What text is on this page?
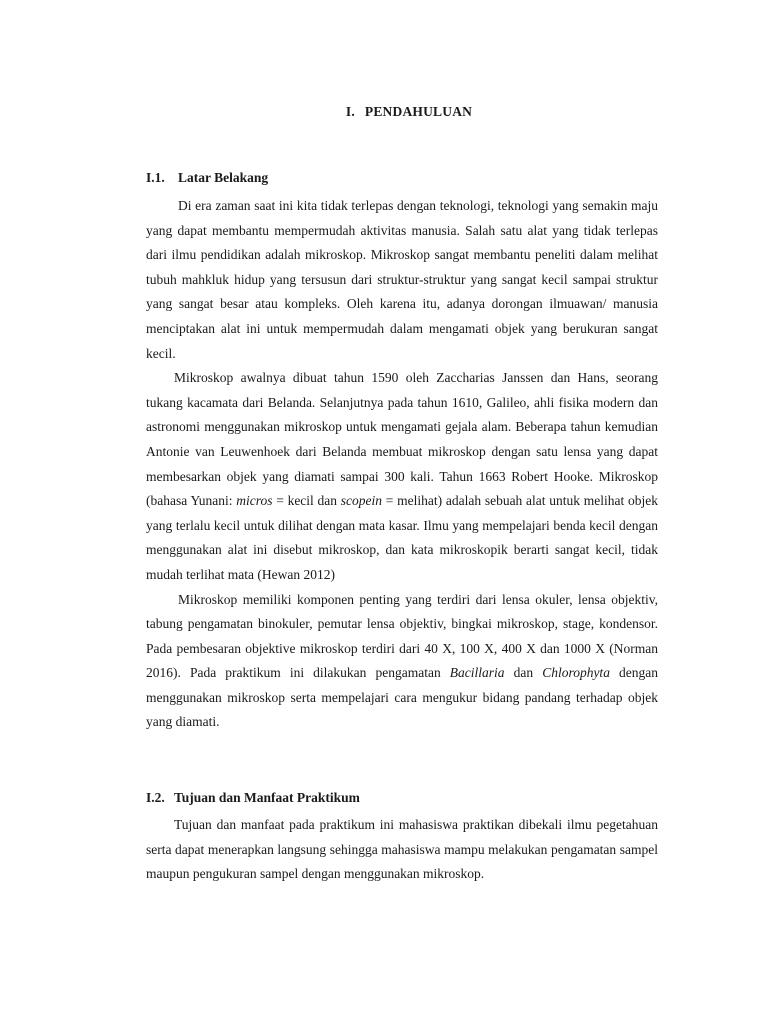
I. PENDAHULUAN
I.1. Latar Belakang

Di era zaman saat ini kita tidak terlepas dengan teknologi, teknologi yang semakin maju yang dapat membantu mempermudah aktivitas manusia. Salah satu alat yang tidak terlepas dari ilmu pendidikan adalah mikroskop. Mikroskop sangat membantu peneliti dalam melihat tubuh mahkluk hidup yang tersusun dari struktur-struktur yang sangat kecil sampai struktur yang sangat besar atau kompleks. Oleh karena itu, adanya dorongan ilmuawan/ manusia menciptakan alat ini untuk mempermudah dalam mengamati objek yang berukuran sangat kecil.

Mikroskop awalnya dibuat tahun 1590 oleh Zaccharias Janssen dan Hans, seorang tukang kacamata dari Belanda. Selanjutnya pada tahun 1610, Galileo, ahli fisika modern dan astronomi menggunakan mikroskop untuk mengamati gejala alam. Beberapa tahun kemudian Antonie van Leuwenhoek dari Belanda membuat mikroskop dengan satu lensa yang dapat membesarkan objek yang diamati sampai 300 kali. Tahun 1663 Robert Hooke. Mikroskop (bahasa Yunani: micros = kecil dan scopein = melihat) adalah sebuah alat untuk melihat objek yang terlalu kecil untuk dilihat dengan mata kasar. Ilmu yang mempelajari benda kecil dengan menggunakan alat ini disebut mikroskop, dan kata mikroskopik berarti sangat kecil, tidak mudah terlihat mata (Hewan 2012)

Mikroskop memiliki komponen penting yang terdiri dari lensa okuler, lensa objektiv, tabung pengamatan binokuler, pemutar lensa objektiv, bingkai mikroskop, stage, kondensor. Pada pembesaran objektive mikroskop terdiri dari 40 X, 100 X, 400 X dan 1000 X (Norman 2016). Pada praktikum ini dilakukan pengamatan Bacillaria dan Chlorophyta dengan menggunakan mikroskop serta mempelajari cara mengukur bidang pandang terhadap objek yang diamati.

I.2. Tujuan dan Manfaat Praktikum

Tujuan dan manfaat pada praktikum ini mahasiswa praktikan dibekali ilmu pegetahuan serta dapat menerapkan langsung sehingga mahasiswa mampu melakukan pengamatan sampel maupun pengukuran sampel dengan menggunakan mikroskop.
